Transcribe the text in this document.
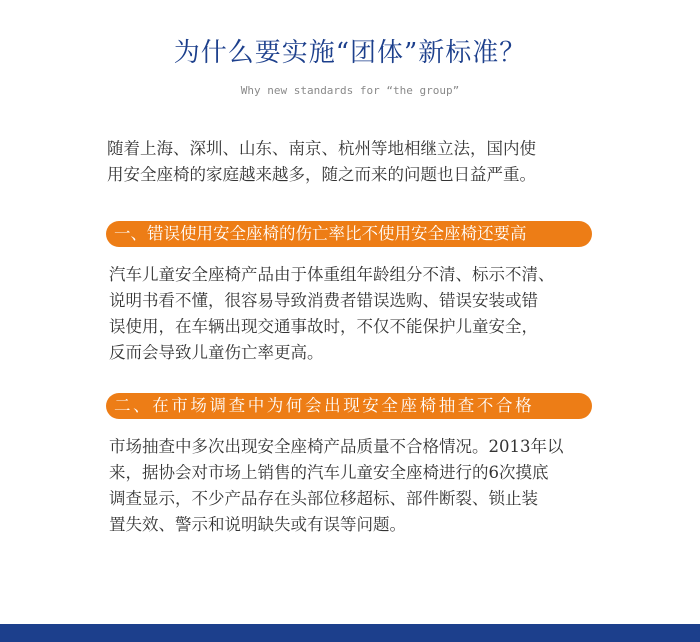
为什么要实施“团体”新标准？
Why new standards for “the group”
随着上海、深圳、山东、南京、杭州等地相继立法，国内使
用安全座椅的家庭越来越多，随之而来的问题也日益严重。
一、错误使用安全座椅的伤亡率比不使用安全座椅还要高
汽车儿童安全座椅产品由于体重组年龄组分不清、标示不清、
说明书看不懂，很容易导致消费者错误选购、错误安装或错
误使用，在车辆出现交通事故时，不仅不能保护儿童安全，
反而会导致儿童伤亡率更高。
二、在市场调查中为何会出现安全座椅抽查不合格
市场抽查中多次出现安全座椅产品质量不合格情况。2013年以
来，据协会对市场上销售的汽车儿童安全座椅进行的6次摸底
调查显示，不少产品存在头部位移超标、部件断裂、锁止装
置失效、警示和说明缺失或有误等问题。
